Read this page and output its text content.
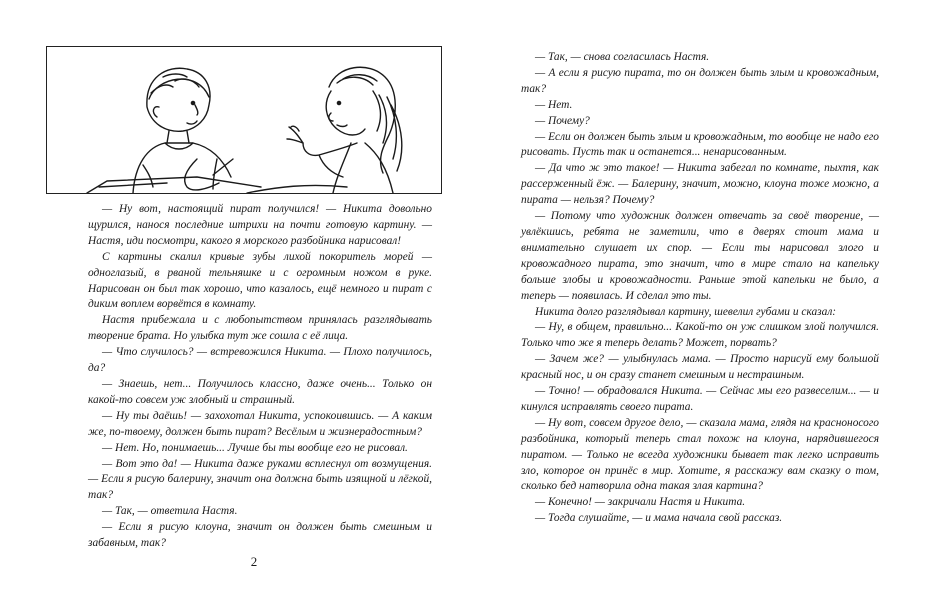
— Ну вот, настоящий пират получился! — Никита довольно щурился, нанося последние штрихи на почти готовую картину. — Настя, иди посмотри, какого я морского разбойника нарисовал!

С картины скалил кривые зубы лихой покоритель морей — одноглазый, в рваной тельняшке и с огромным ножом в руке. Нарисован он был так хорошо, что казалось, ещё немного и пират с диким воплем ворвётся в комнату.

Настя прибежала и с любопытством принялась разглядывать творение брата. Но улыбка тут же сошла с её лица.

— Что случилось? — встревожился Никита. — Плохо получилось, да?

— Знаешь, нет... Получилось классно, даже очень... Только он какой-то совсем уж злобный и страшный.

— Ну ты даёшь! — захохотал Никита, успокоившись. — А каким же, по-твоему, должен быть пират? Весёлым и жизнерадостным?

— Нет. Но, понимаешь... Лучше бы ты вообще его не рисовал.

— Вот это да! — Никита даже руками всплеснул от возмущения. — Если я рисую балерину, значит она должна быть изящной и лёгкой, так?

— Так, — ответила Настя.

— Если я рисую клоуна, значит он должен быть смешным и забавным, так?

— Так, — снова согласилась Настя.

— А если я рисую пирата, то он должен быть злым и кровожадным, так?

— Нет.

— Почему?

— Если он должен быть злым и кровожадным, то вообще не надо его рисовать. Пусть так и останется... ненарисованным.

— Да что ж это такое! — Никита забегал по комнате, пыхтя, как рассерженный ёж. — Балерину, значит, можно, клоуна тоже можно, а пирата — нельзя? Почему?

— Потому что художник должен отвечать за своё творение, — увлёкшись, ребята не заметили, что в дверях стоит мама и внимательно слушает их спор. — Если ты нарисовал злого и кровожадного пирата, это значит, что в мире стало на капельку больше злобы и кровожадности. Раньше этой капельки не было, а теперь — появилась. И сделал это ты.

Никита долго разглядывал картину, шевелил губами и сказал:

— Ну, в общем, правильно... Какой-то он уж слишком злой получился. Только что же я теперь делать? Может, порвать?

— Зачем же? — улыбнулась мама. — Просто нарисуй ему большой красный нос, и он сразу станет смешным и нестрашным.

— Точно! — обрадовался Никита. — Сейчас мы его развеселим... — и кинулся исправлять своего пирата.

— Ну вот, совсем другое дело, — сказала мама, глядя на красноносого разбойника, который теперь стал похож на клоуна, нарядившегося пиратом. — Только не всегда художники бывает так легко исправить зло, которое он принёс в мир. Хотите, я расскажу вам сказку о том, сколько бед натворила одна такая злая картина?

— Конечно! — закричали Настя и Никита.

— Тогда слушайте, — и мама начала свой рассказ.

2
